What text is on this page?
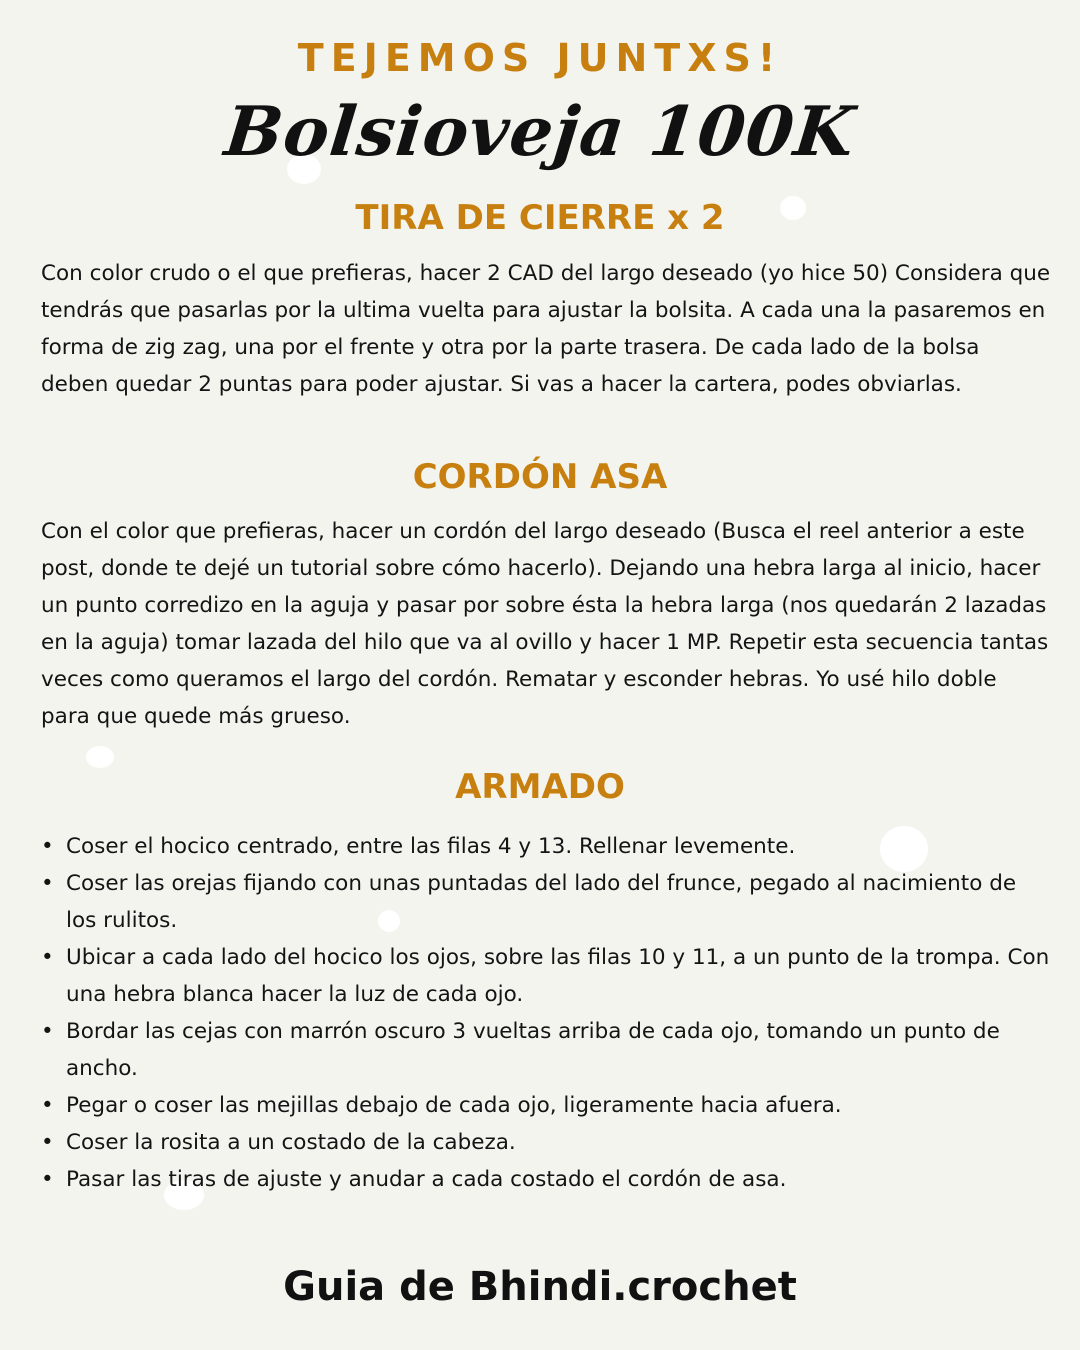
TEJEMOS JUNTXS!
Bolsioveja 100K
TIRA DE CIERRE x 2

Con color crudo o el que prefieras, hacer 2 CAD del largo deseado (yo hice 50) Considera que tendrás que pasarlas por la ultima vuelta para ajustar la bolsita. A cada una la pasaremos en forma de zig zag, una por el frente y otra por la parte trasera. De cada lado de la bolsa deben quedar 2 puntas para poder ajustar. Si vas a hacer la cartera, podes obviarlas.

CORDÓN ASA

Con el color que prefieras, hacer un cordón del largo deseado (Busca el reel anterior a este post, donde te dejé un tutorial sobre cómo hacerlo). Dejando una hebra larga al inicio, hacer un punto corredizo en la aguja y pasar por sobre ésta la hebra larga (nos quedarán 2 lazadas en la aguja) tomar lazada del hilo que va al ovillo y hacer 1 MP. Repetir esta secuencia tantas veces como queramos el largo del cordón. Rematar y esconder hebras. Yo usé hilo doble para que quede más grueso.

ARMADO
• Coser el hocico centrado, entre las filas 4 y 13. Rellenar levemente.
• Coser las orejas fijando con unas puntadas del lado del frunce, pegado al nacimiento de los rulitos.
• Ubicar a cada lado del hocico los ojos, sobre las filas 10 y 11, a un punto de la trompa. Con una hebra blanca hacer la luz de cada ojo.
• Bordar las cejas con marrón oscuro 3 vueltas arriba de cada ojo, tomando un punto de ancho.
• Pegar o coser las mejillas debajo de cada ojo, ligeramente hacia afuera.
• Coser la rosita a un costado de la cabeza.
• Pasar las tiras de ajuste y anudar a cada costado el cordón de asa.
Guia de Bhindi.crochet
